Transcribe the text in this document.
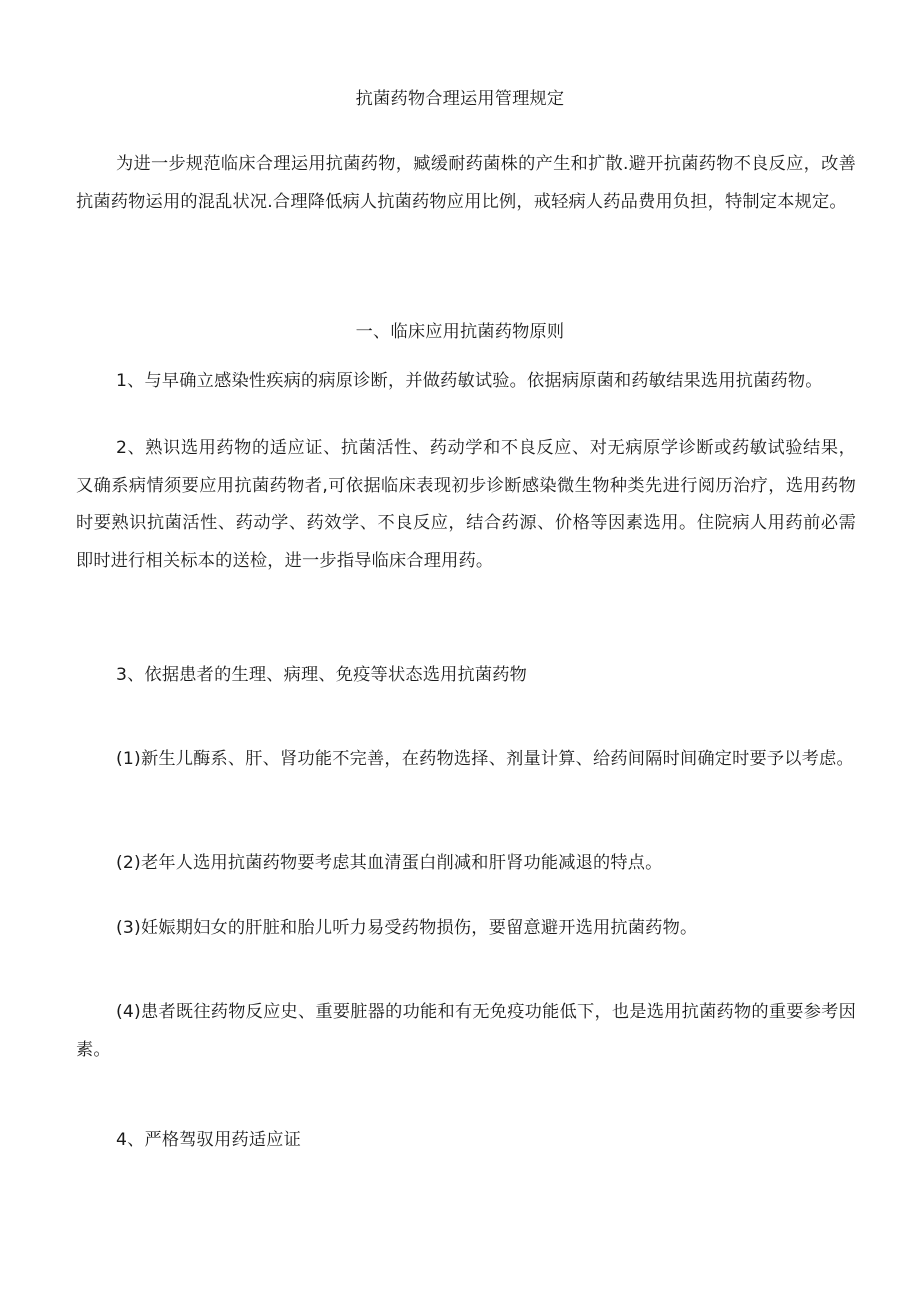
抗菌药物合理运用管理规定

为进一步规范临床合理运用抗菌药物，臧缓耐药菌株的产生和扩散.避开抗菌药物不良反应，改善抗菌药物运用的混乱状况.合理降低病人抗菌药物应用比例，戒轻病人药品费用负担，特制定本规定。

一、临床应用抗菌药物原则

1、与早确立感染性疾病的病原诊断，并做药敏试验。依据病原菌和药敏结果选用抗菌药物。

2、熟识选用药物的适应证、抗菌活性、药动学和不良反应、对无病原学诊断或药敏试验结果，又确系病情须要应用抗菌药物者,可依据临床表现初步诊断感染微生物种类先进行阅历治疗，选用药物时要熟识抗菌活性、药动学、药效学、不良反应，结合药源、价格等因素选用。住院病人用药前必需即时进行相关标本的送检，进一步指导临床合理用药。

3、依据患者的生理、病理、免疫等状态选用抗菌药物

(1)新生儿酶系、肝、肾功能不完善，在药物选择、剂量计算、给药间隔时间确定时要予以考虑。

(2)老年人选用抗菌药物要考虑其血清蛋白削减和肝肾功能减退的特点。

(3)妊娠期妇女的肝脏和胎儿听力易受药物损伤，要留意避开选用抗菌药物。

(4)患者既往药物反应史、重要脏器的功能和有无免疫功能低下，也是选用抗菌药物的重要参考因素。

4、严格驾驭用药适应证
